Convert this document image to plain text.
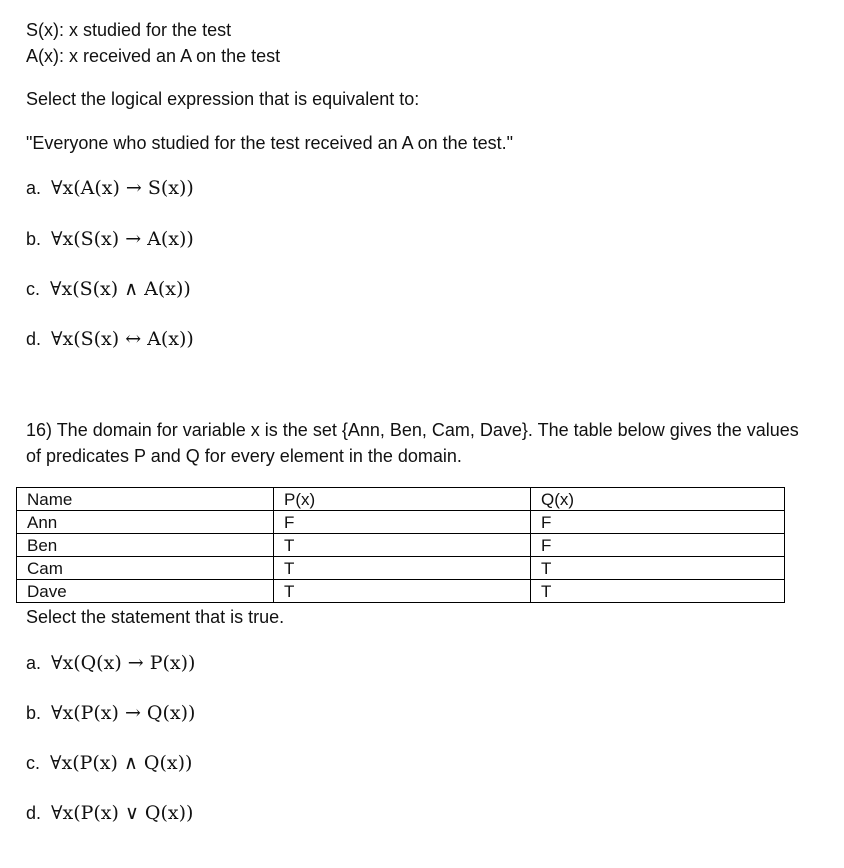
S(x): x studied for the test
A(x): x received an A on the test
Select the logical expression that is equivalent to:
"Everyone who studied for the test received an A on the test."
a. ∀x(A(x) → S(x))
b. ∀x(S(x) → A(x))
c. ∀x(S(x) ∧ A(x))
d. ∀x(S(x) ↔ A(x))
16) The domain for variable x is the set {Ann, Ben, Cam, Dave}. The table below gives the values of predicates P and Q for every element in the domain.
Name	P(x)	Q(x)
Ann	F	F
Ben	T	F
Cam	T	T
Dave	T	T
Select the statement that is true.
a. ∀x(Q(x) → P(x))
b. ∀x(P(x) → Q(x))
c. ∀x(P(x) ∧ Q(x))
d. ∀x(P(x) ∨ Q(x))
